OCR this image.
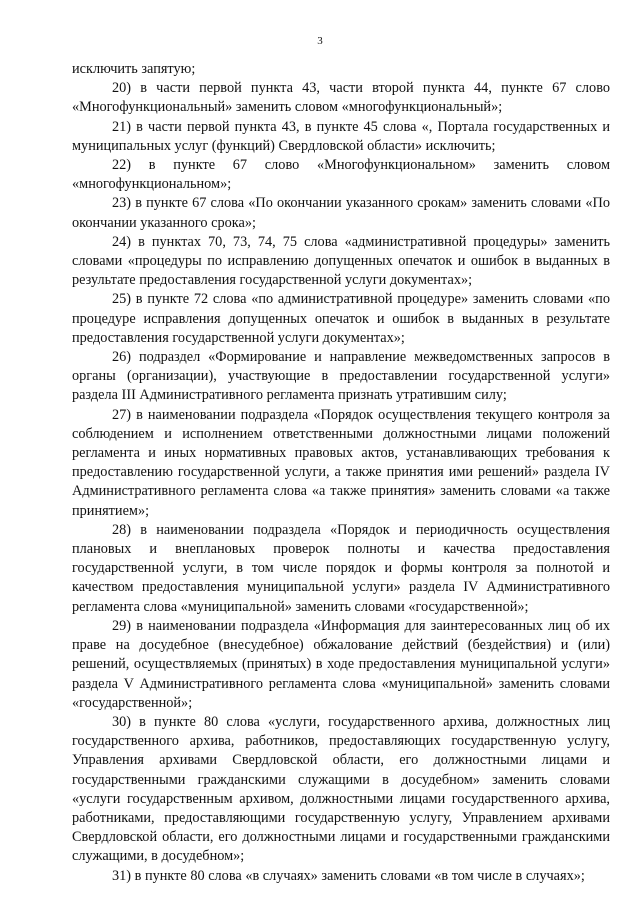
3

исключить запятую;

20) в части первой пункта 43, части второй пункта 44, пункте 67 слово «Многофункциональный» заменить словом «многофункциональный»;

21) в части первой пункта 43, в пункте 45 слова «, Портала государственных и муниципальных услуг (функций) Свердловской области» исключить;

22) в пункте 67 слово «Многофункциональном» заменить словом «многофункциональном»;

23) в пункте 67 слова «По окончании указанного срокам» заменить словами «По окончании указанного срока»;

24) в пунктах 70, 73, 74, 75 слова «административной процедуры» заменить словами «процедуры по исправлению допущенных опечаток и ошибок в выданных в результате предоставления государственной услуги документах»;

25) в пункте 72 слова «по административной процедуре» заменить словами «по процедуре исправления допущенных опечаток и ошибок в выданных в результате предоставления государственной услуги документах»;

26) подраздел «Формирование и направление межведомственных запросов в органы (организации), участвующие в предоставлении государственной услуги» раздела III Административного регламента признать утратившим силу;

27) в наименовании подраздела «Порядок осуществления текущего контроля за соблюдением и исполнением ответственными должностными лицами положений регламента и иных нормативных правовых актов, устанавливающих требования к предоставлению государственной услуги, а также принятия ими решений» раздела IV Административного регламента слова «а также принятия» заменить словами «а также принятием»;

28) в наименовании подраздела «Порядок и периодичность осуществления плановых и внеплановых проверок полноты и качества предоставления государственной услуги, в том числе порядок и формы контроля за полнотой и качеством предоставления муниципальной услуги» раздела IV Административного регламента слова «муниципальной» заменить словами «государственной»;

29) в наименовании подраздела «Информация для заинтересованных лиц об их праве на досудебное (внесудебное) обжалование действий (бездействия) и (или) решений, осуществляемых (принятых) в ходе предоставления муниципальной услуги» раздела V Административного регламента слова «муниципальной» заменить словами «государственной»;

30) в пункте 80 слова «услуги, государственного архива, должностных лиц государственного архива, работников, предоставляющих государственную услугу, Управления архивами Свердловской области, его должностными лицами и государственными гражданскими служащими в досудебном» заменить словами «услуги государственным архивом, должностными лицами государственного архива, работниками, предоставляющими государственную услугу, Управлением архивами Свердловской области, его должностными лицами и государственными гражданскими служащими, в досудебном»;

31) в пункте 80 слова «в случаях» заменить словами «в том числе в случаях»;
